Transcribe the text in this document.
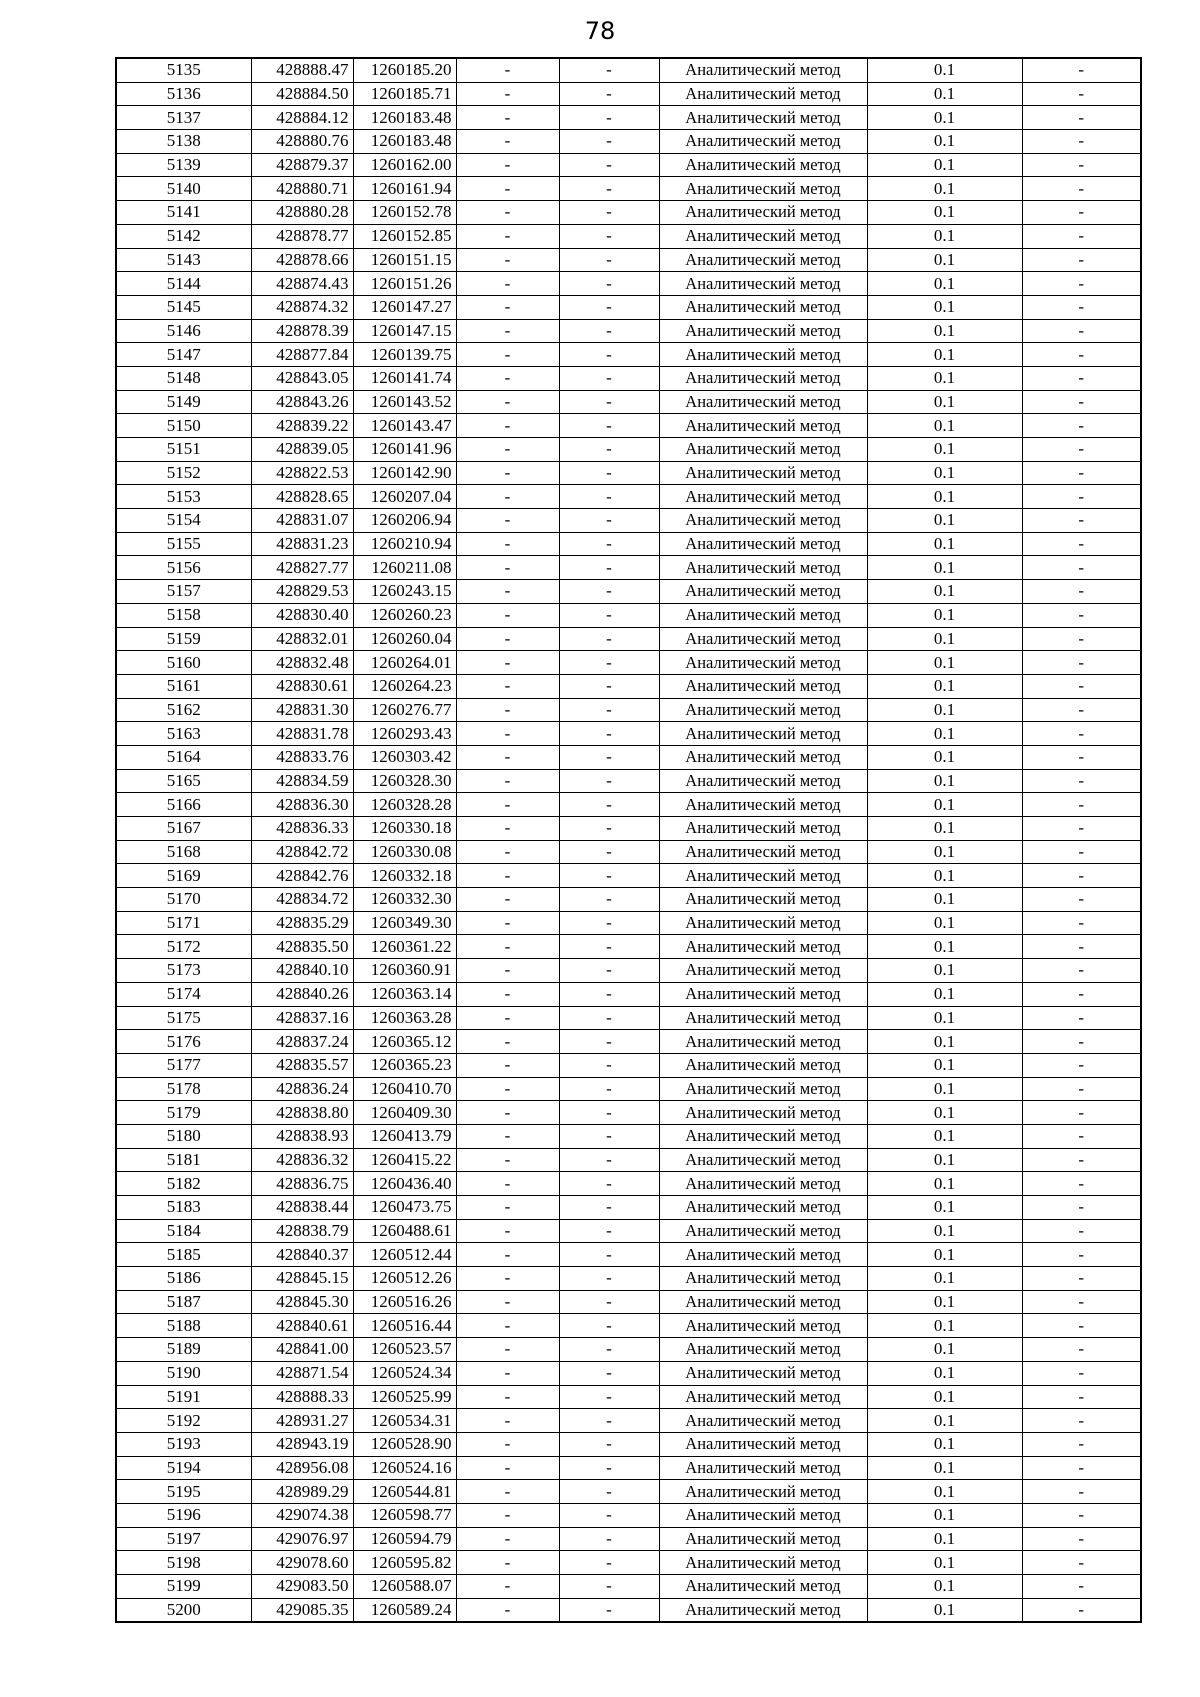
78
5135	428888.47	1260185.20	-	-	Аналитический метод	0.1	-
5136	428884.50	1260185.71	-	-	Аналитический метод	0.1	-
5137	428884.12	1260183.48	-	-	Аналитический метод	0.1	-
5138	428880.76	1260183.48	-	-	Аналитический метод	0.1	-
5139	428879.37	1260162.00	-	-	Аналитический метод	0.1	-
5140	428880.71	1260161.94	-	-	Аналитический метод	0.1	-
5141	428880.28	1260152.78	-	-	Аналитический метод	0.1	-
5142	428878.77	1260152.85	-	-	Аналитический метод	0.1	-
5143	428878.66	1260151.15	-	-	Аналитический метод	0.1	-
5144	428874.43	1260151.26	-	-	Аналитический метод	0.1	-
5145	428874.32	1260147.27	-	-	Аналитический метод	0.1	-
5146	428878.39	1260147.15	-	-	Аналитический метод	0.1	-
5147	428877.84	1260139.75	-	-	Аналитический метод	0.1	-
5148	428843.05	1260141.74	-	-	Аналитический метод	0.1	-
5149	428843.26	1260143.52	-	-	Аналитический метод	0.1	-
5150	428839.22	1260143.47	-	-	Аналитический метод	0.1	-
5151	428839.05	1260141.96	-	-	Аналитический метод	0.1	-
5152	428822.53	1260142.90	-	-	Аналитический метод	0.1	-
5153	428828.65	1260207.04	-	-	Аналитический метод	0.1	-
5154	428831.07	1260206.94	-	-	Аналитический метод	0.1	-
5155	428831.23	1260210.94	-	-	Аналитический метод	0.1	-
5156	428827.77	1260211.08	-	-	Аналитический метод	0.1	-
5157	428829.53	1260243.15	-	-	Аналитический метод	0.1	-
5158	428830.40	1260260.23	-	-	Аналитический метод	0.1	-
5159	428832.01	1260260.04	-	-	Аналитический метод	0.1	-
5160	428832.48	1260264.01	-	-	Аналитический метод	0.1	-
5161	428830.61	1260264.23	-	-	Аналитический метод	0.1	-
5162	428831.30	1260276.77	-	-	Аналитический метод	0.1	-
5163	428831.78	1260293.43	-	-	Аналитический метод	0.1	-
5164	428833.76	1260303.42	-	-	Аналитический метод	0.1	-
5165	428834.59	1260328.30	-	-	Аналитический метод	0.1	-
5166	428836.30	1260328.28	-	-	Аналитический метод	0.1	-
5167	428836.33	1260330.18	-	-	Аналитический метод	0.1	-
5168	428842.72	1260330.08	-	-	Аналитический метод	0.1	-
5169	428842.76	1260332.18	-	-	Аналитический метод	0.1	-
5170	428834.72	1260332.30	-	-	Аналитический метод	0.1	-
5171	428835.29	1260349.30	-	-	Аналитический метод	0.1	-
5172	428835.50	1260361.22	-	-	Аналитический метод	0.1	-
5173	428840.10	1260360.91	-	-	Аналитический метод	0.1	-
5174	428840.26	1260363.14	-	-	Аналитический метод	0.1	-
5175	428837.16	1260363.28	-	-	Аналитический метод	0.1	-
5176	428837.24	1260365.12	-	-	Аналитический метод	0.1	-
5177	428835.57	1260365.23	-	-	Аналитический метод	0.1	-
5178	428836.24	1260410.70	-	-	Аналитический метод	0.1	-
5179	428838.80	1260409.30	-	-	Аналитический метод	0.1	-
5180	428838.93	1260413.79	-	-	Аналитический метод	0.1	-
5181	428836.32	1260415.22	-	-	Аналитический метод	0.1	-
5182	428836.75	1260436.40	-	-	Аналитический метод	0.1	-
5183	428838.44	1260473.75	-	-	Аналитический метод	0.1	-
5184	428838.79	1260488.61	-	-	Аналитический метод	0.1	-
5185	428840.37	1260512.44	-	-	Аналитический метод	0.1	-
5186	428845.15	1260512.26	-	-	Аналитический метод	0.1	-
5187	428845.30	1260516.26	-	-	Аналитический метод	0.1	-
5188	428840.61	1260516.44	-	-	Аналитический метод	0.1	-
5189	428841.00	1260523.57	-	-	Аналитический метод	0.1	-
5190	428871.54	1260524.34	-	-	Аналитический метод	0.1	-
5191	428888.33	1260525.99	-	-	Аналитический метод	0.1	-
5192	428931.27	1260534.31	-	-	Аналитический метод	0.1	-
5193	428943.19	1260528.90	-	-	Аналитический метод	0.1	-
5194	428956.08	1260524.16	-	-	Аналитический метод	0.1	-
5195	428989.29	1260544.81	-	-	Аналитический метод	0.1	-
5196	429074.38	1260598.77	-	-	Аналитический метод	0.1	-
5197	429076.97	1260594.79	-	-	Аналитический метод	0.1	-
5198	429078.60	1260595.82	-	-	Аналитический метод	0.1	-
5199	429083.50	1260588.07	-	-	Аналитический метод	0.1	-
5200	429085.35	1260589.24	-	-	Аналитический метод	0.1	-
